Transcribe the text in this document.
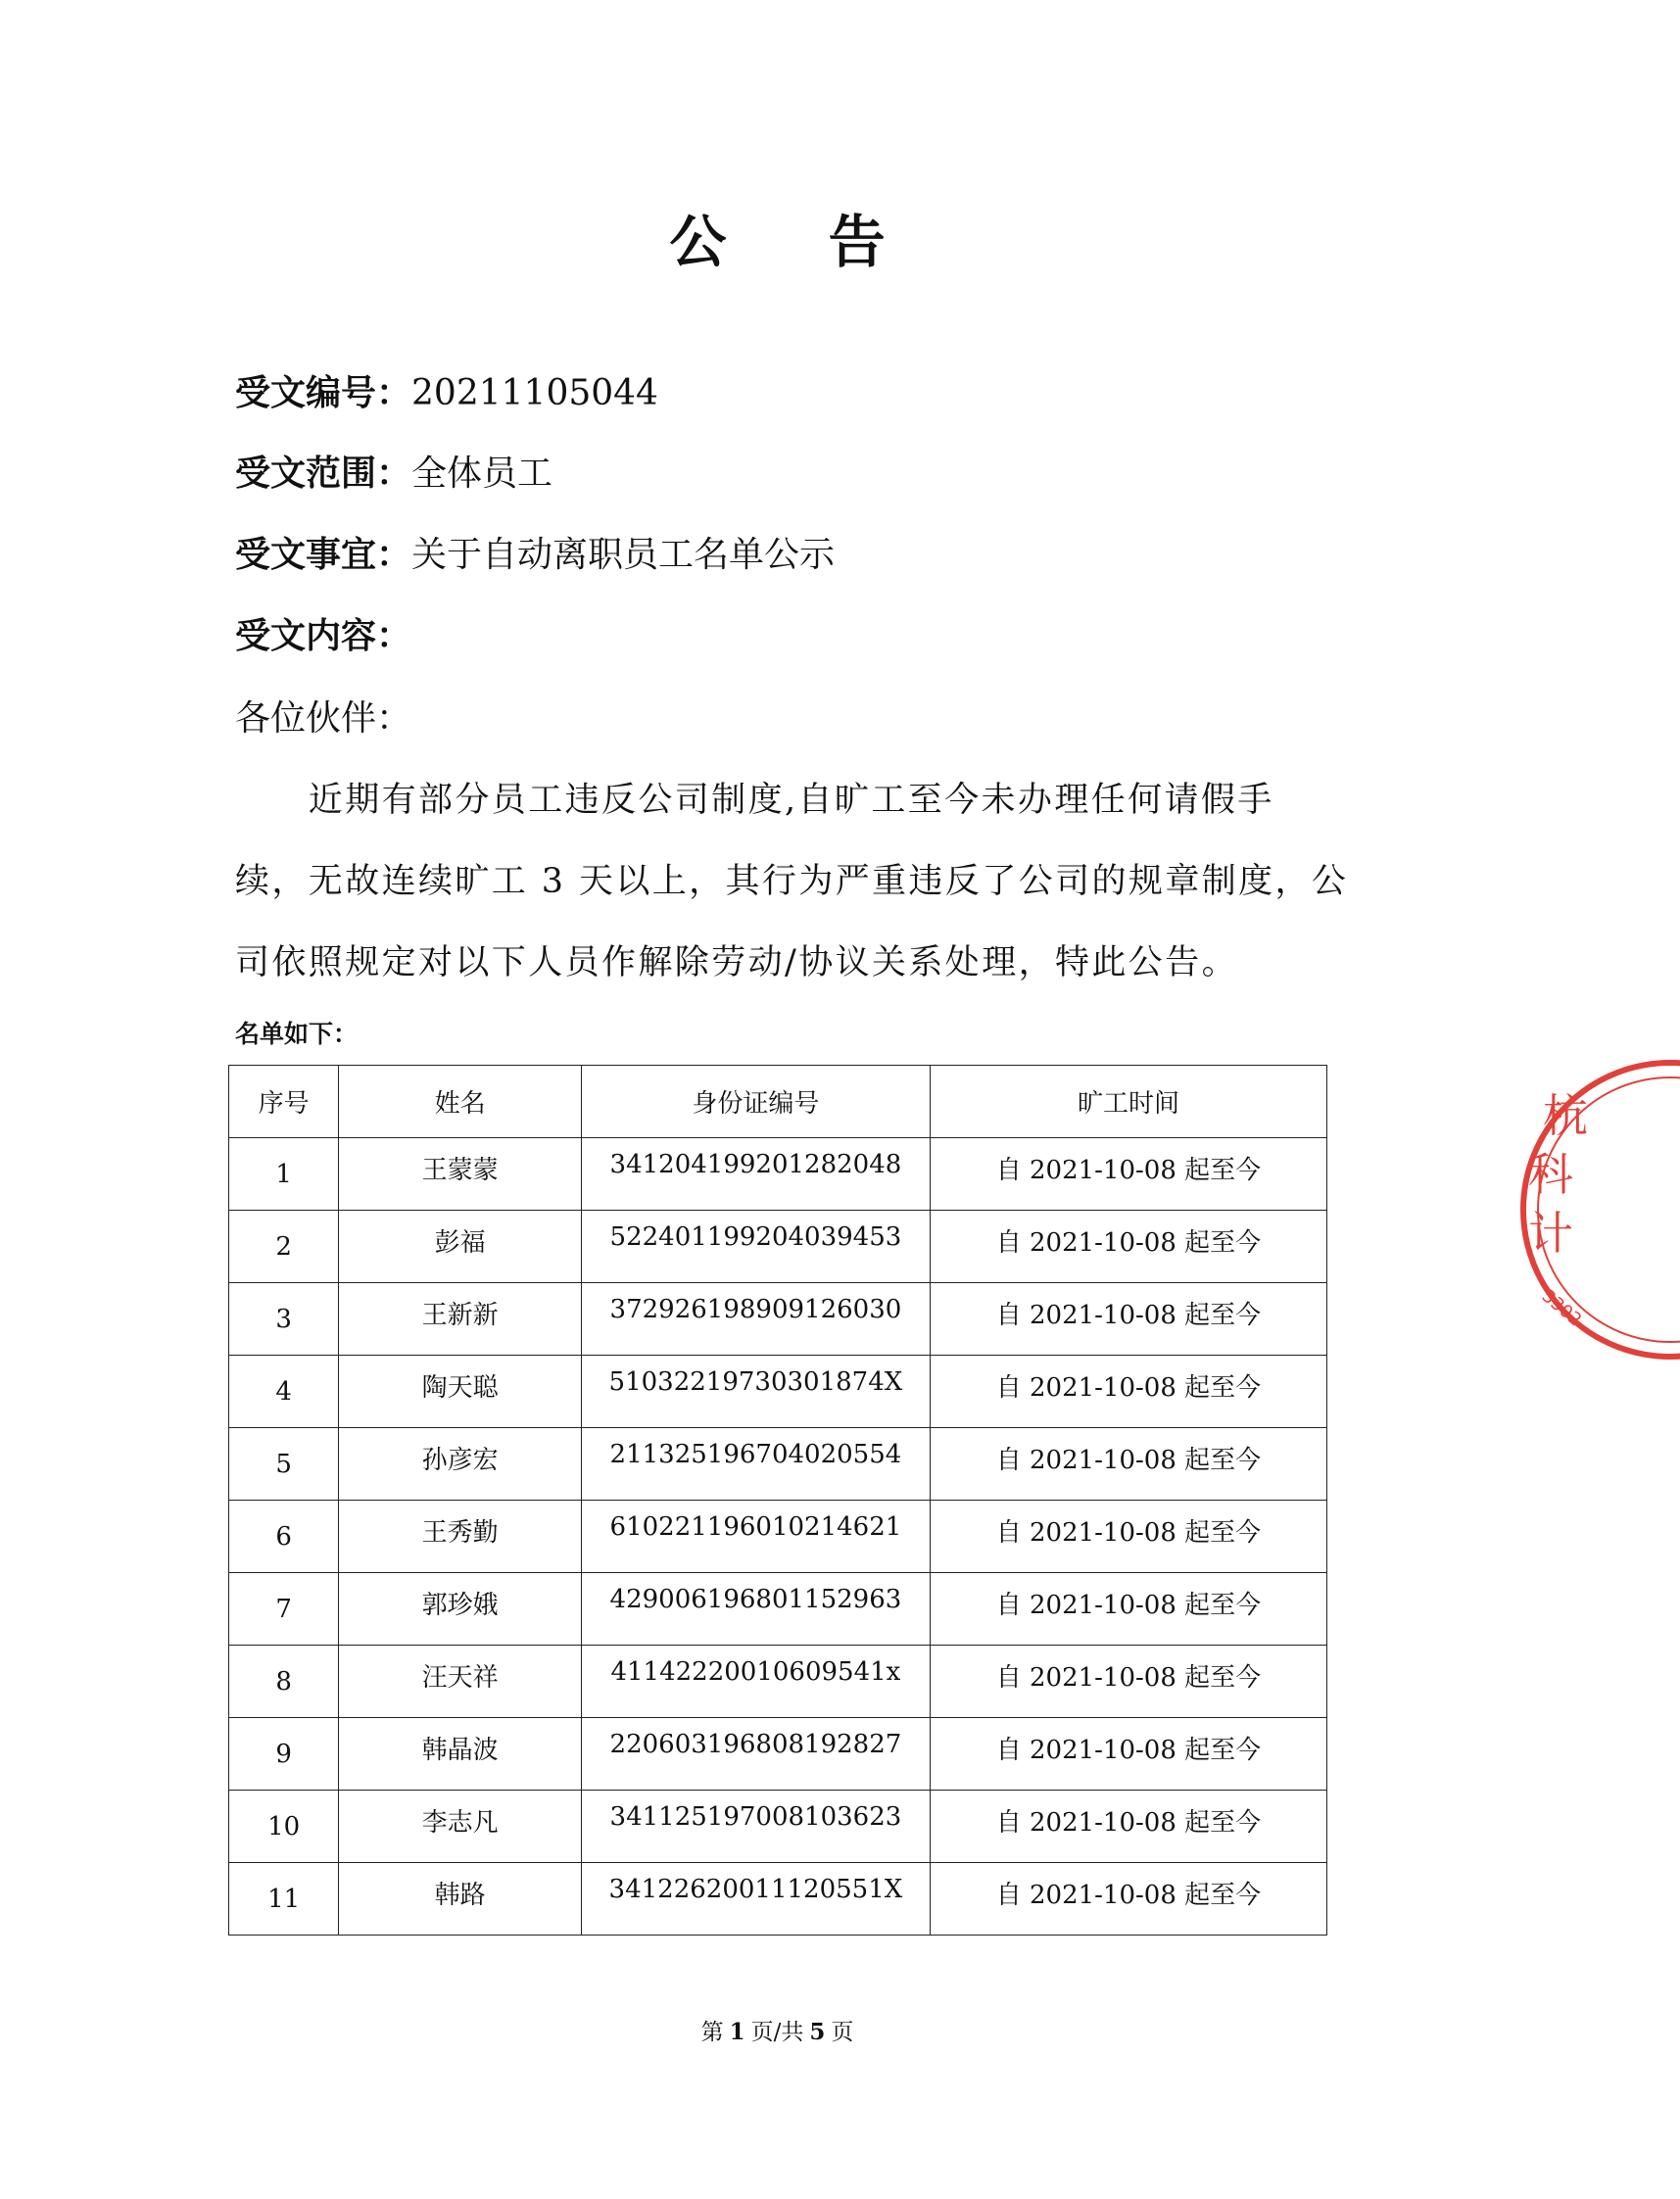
公 告
受文编号：20211105044
受文范围：全体员工
受文事宜：关于自动离职员工名单公示
受文内容：
各位伙伴：
　　近期有部分员工违反公司制度,自旷工至今未办理任何请假手
续，无故连续旷工 3 天以上，其行为严重违反了公司的规章制度，公
司依照规定对以下人员作解除劳动/协议关系处理，特此公告。
名单如下：
序号	姓名	身份证编号	旷工时间
1	王蒙蒙	341204199201282048	自 2021-10-08 起至今
2	彭福	522401199204039453	自 2021-10-08 起至今
3	王新新	372926198909126030	自 2021-10-08 起至今
4	陶天聪	51032219730301874X	自 2021-10-08 起至今
5	孙彦宏	211325196704020554	自 2021-10-08 起至今
6	王秀勤	610221196010214621	自 2021-10-08 起至今
7	郭珍娥	429006196801152963	自 2021-10-08 起至今
8	汪天祥	41142220010609541x	自 2021-10-08 起至今
9	韩晶波	220603196808192827	自 2021-10-08 起至今
10	李志凡	341125197008103623	自 2021-10-08 起至今
11	韩路	34122620011120551X	自 2021-10-08 起至今
第 1 页/共 5 页
杭
科
计
3302
